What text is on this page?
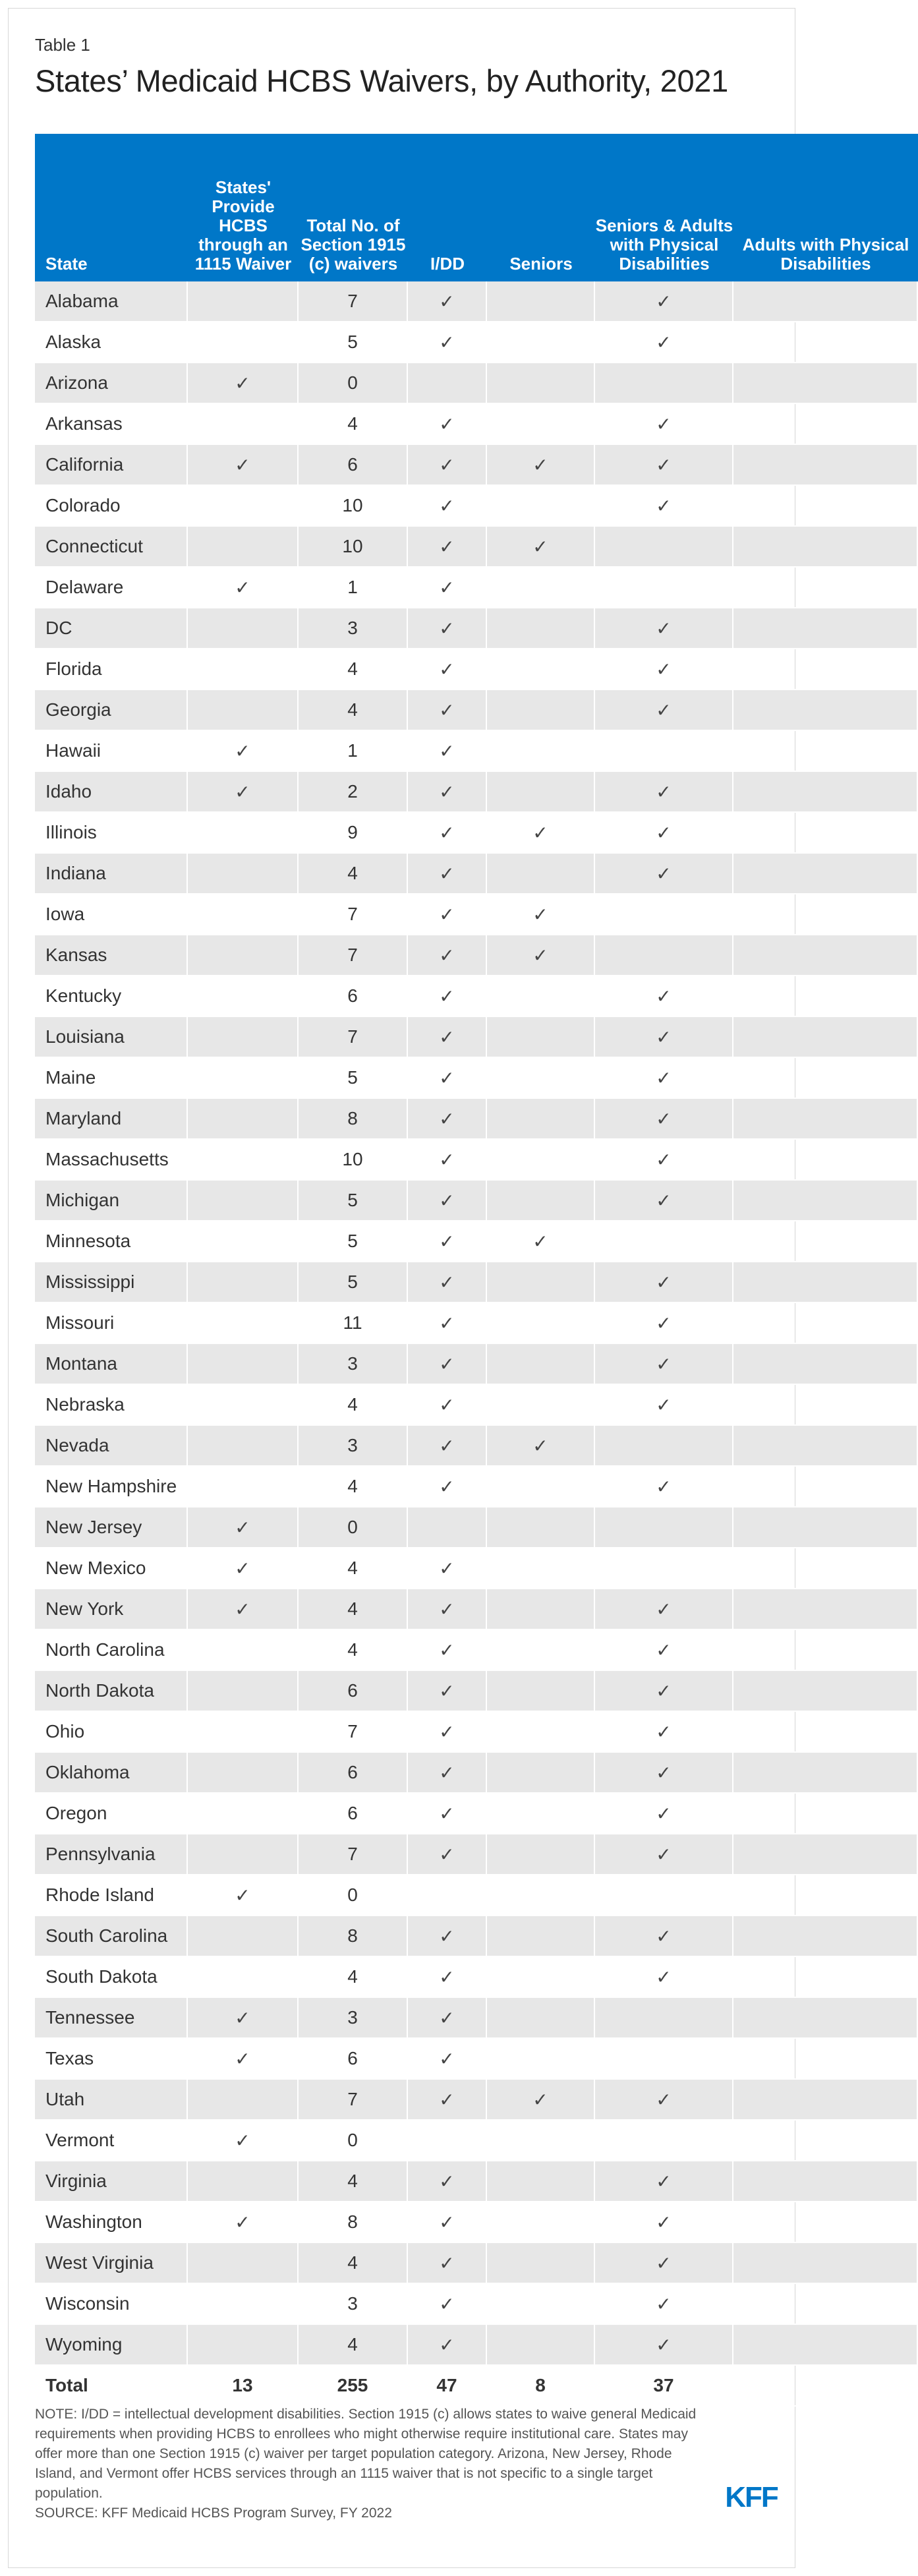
Table 1
States’ Medicaid HCBS Waivers, by Authority, 2021
State	States' Provide HCBS through an 1115 Waiver	Total No. of Section 1915 (c) waivers	I/DD	Seniors	Seniors & Adults with Physical Disabilities	Adults with Physical Disabilities
Alabama		7	✓		✓	
Alaska		5	✓		✓	
Arizona	✓	0				
Arkansas		4	✓		✓	
California	✓	6	✓	✓	✓	
Colorado		10	✓		✓	
Connecticut		10	✓	✓		
Delaware	✓	1	✓			
DC		3	✓		✓	
Florida		4	✓		✓	
Georgia		4	✓		✓	
Hawaii	✓	1	✓			
Idaho	✓	2	✓		✓	
Illinois		9	✓	✓	✓	
Indiana		4	✓		✓	
Iowa		7	✓	✓		
Kansas		7	✓	✓		
Kentucky		6	✓		✓	
Louisiana		7	✓		✓	
Maine		5	✓		✓	
Maryland		8	✓		✓	
Massachusetts		10	✓		✓	
Michigan		5	✓		✓	
Minnesota		5	✓	✓		
Mississippi		5	✓		✓	
Missouri		11	✓		✓	
Montana		3	✓		✓	
Nebraska		4	✓		✓	
Nevada		3	✓	✓		
New Hampshire		4	✓		✓	
New Jersey	✓	0				
New Mexico	✓	4	✓			
New York	✓	4	✓		✓	
North Carolina		4	✓		✓	
North Dakota		6	✓		✓	
Ohio		7	✓		✓	
Oklahoma		6	✓		✓	
Oregon		6	✓		✓	
Pennsylvania		7	✓		✓	
Rhode Island	✓	0				
South Carolina		8	✓		✓	
South Dakota		4	✓		✓	
Tennessee	✓	3	✓			
Texas	✓	6	✓			
Utah		7	✓	✓	✓	
Vermont	✓	0				
Virginia		4	✓		✓	
Washington	✓	8	✓		✓	
West Virginia		4	✓		✓	
Wisconsin		3	✓		✓	
Wyoming		4	✓		✓	
Total	13	255	47	8	37	

NOTE: I/DD = intellectual development disabilities. Section 1915 (c) allows states to waive general Medicaid requirements when providing HCBS to enrollees who might otherwise require institutional care. States may offer more than one Section 1915 (c) waiver per target population category. Arizona, New Jersey, Rhode Island, and Vermont offer HCBS services through an 1115 waiver that is not specific to a single target population.

SOURCE: KFF Medicaid HCBS Program Survey, FY 2022	KFF
